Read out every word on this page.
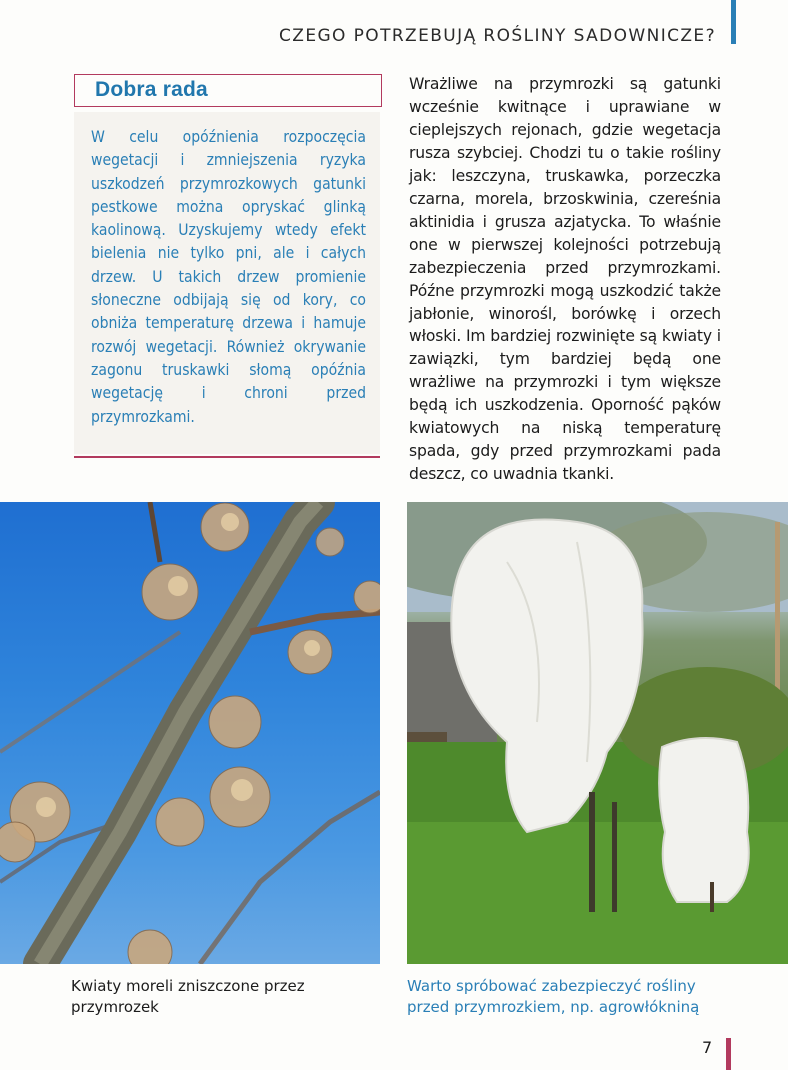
CZEGO POTRZEBUJĄ ROŚLINY SADOWNICZE?
Dobra rada

W celu opóźnienia rozpoczęcia wegetacji i zmniejszenia ryzyka uszkodzeń przymrozkowych gatunki pestkowe można opryskać glinką kaolinową. Uzyskujemy wtedy efekt bielenia nie tylko pni, ale i całych drzew. U takich drzew promienie słoneczne odbijają się od kory, co obniża temperaturę drzewa i hamuje rozwój wegetacji. Również okrywanie zagonu truskawki słomą opóźnia wegetację i chroni przed przymrozkami.

Wrażliwe na przymrozki są gatunki wcześnie kwitnące i uprawiane w cieplejszych rejonach, gdzie wegetacja rusza szybciej. Chodzi tu o takie rośliny jak: leszczyna, truskawka, porzeczka czarna, morela, brzoskwinia, czereśnia aktinidia i grusza azjatycka. To właśnie one w pierwszej kolejności potrzebują zabezpieczenia przed przymrozkami. Późne przymrozki mogą uszkodzić także jabłonie, winorośl, borówkę i orzech włoski. Im bardziej rozwinięte są kwiaty i zawiązki, tym bardziej będą one wrażliwe na przymrozki i tym większe będą ich uszkodzenia. Oporność pąków kwiatowych na niską temperaturę spada, gdy przed przymrozkami pada deszcz, co uwadnia tkanki.

Kwiaty moreli zniszczone przez przymrozek

Warto spróbować zabezpieczyć rośliny przed przymrozkiem, np. agrowłókniną

7
